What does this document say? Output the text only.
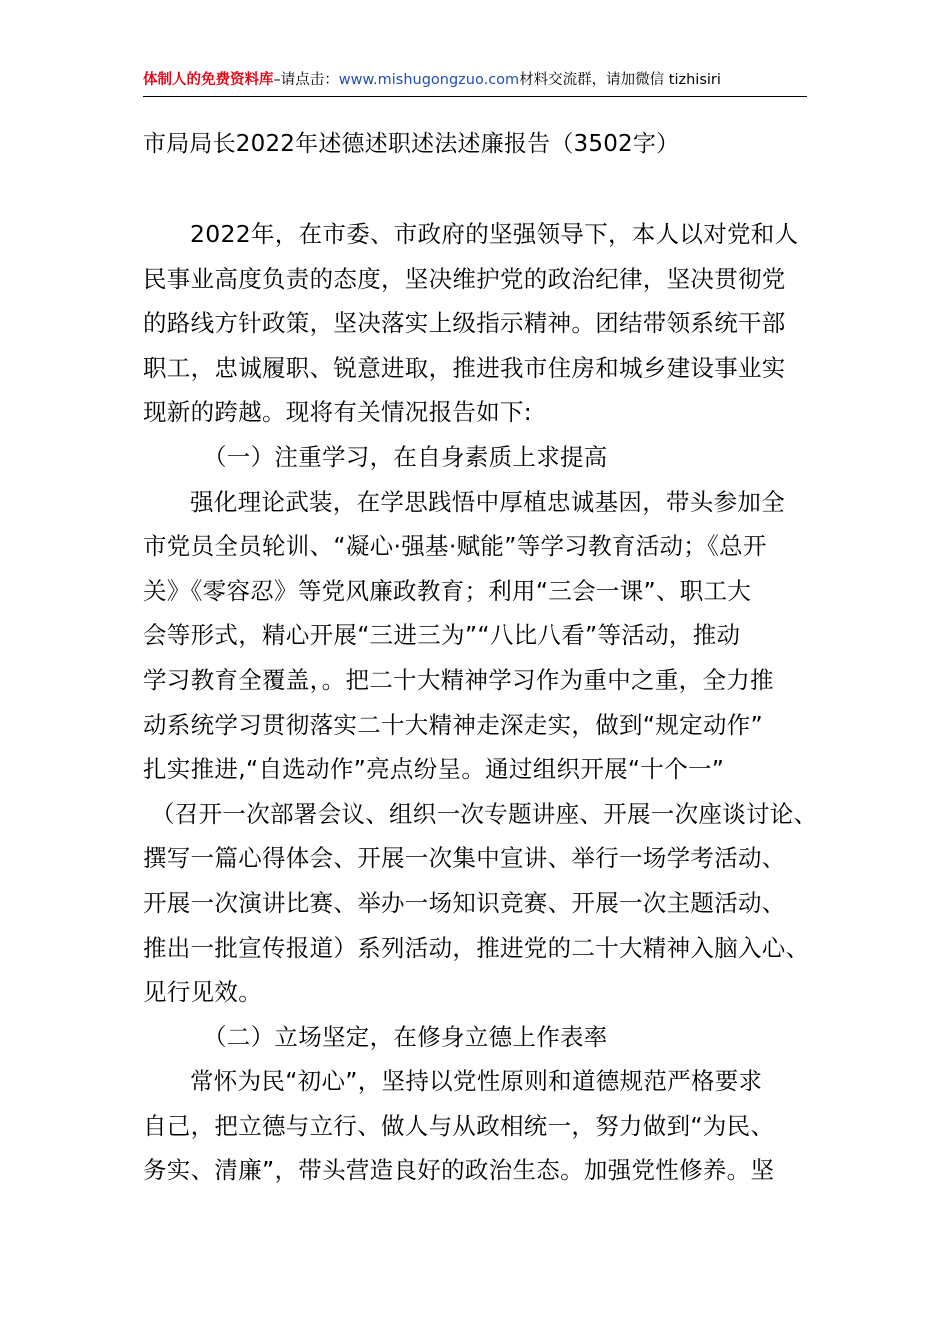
体制人的免费资料库–请点击：www.mishugongzuo.com材料交流群，请加微信 tizhisiri
市局局长2022年述德述职述法述廉报告（3502字）
2022年，在市委、市政府的坚强领导下，本人以对党和人
民事业高度负责的态度，坚决维护党的政治纪律，坚决贯彻党
的路线方针政策，坚决落实上级指示精神。团结带领系统干部
职工，忠诚履职、锐意进取，推进我市住房和城乡建设事业实
现新的跨越。现将有关情况报告如下:
（一）注重学习，在自身素质上求提高
强化理论武装，在学思践悟中厚植忠诚基因，带头参加全
市党员全员轮训、“凝心·强基·赋能”等学习教育活动；《总开
关》《零容忍》等党风廉政教育；利用“三会一课”、职工大
会等形式，精心开展“三进三为”“八比八看”等活动，推动
学习教育全覆盖，。把二十大精神学习作为重中之重，全力推
动系统学习贯彻落实二十大精神走深走实，做到“规定动作”
扎实推进,“自选动作”亮点纷呈。通过组织开展“十个一”
（召开一次部署会议、组织一次专题讲座、开展一次座谈讨论、
撰写一篇心得体会、开展一次集中宣讲、举行一场学考活动、
开展一次演讲比赛、举办一场知识竞赛、开展一次主题活动、
推出一批宣传报道）系列活动，推进党的二十大精神入脑入心、
见行见效。
（二）立场坚定，在修身立德上作表率
常怀为民“初心”，坚持以党性原则和道德规范严格要求
自己，把立德与立行、做人与从政相统一，努力做到“为民、
务实、清廉”，带头营造良好的政治生态。加强党性修养。坚
